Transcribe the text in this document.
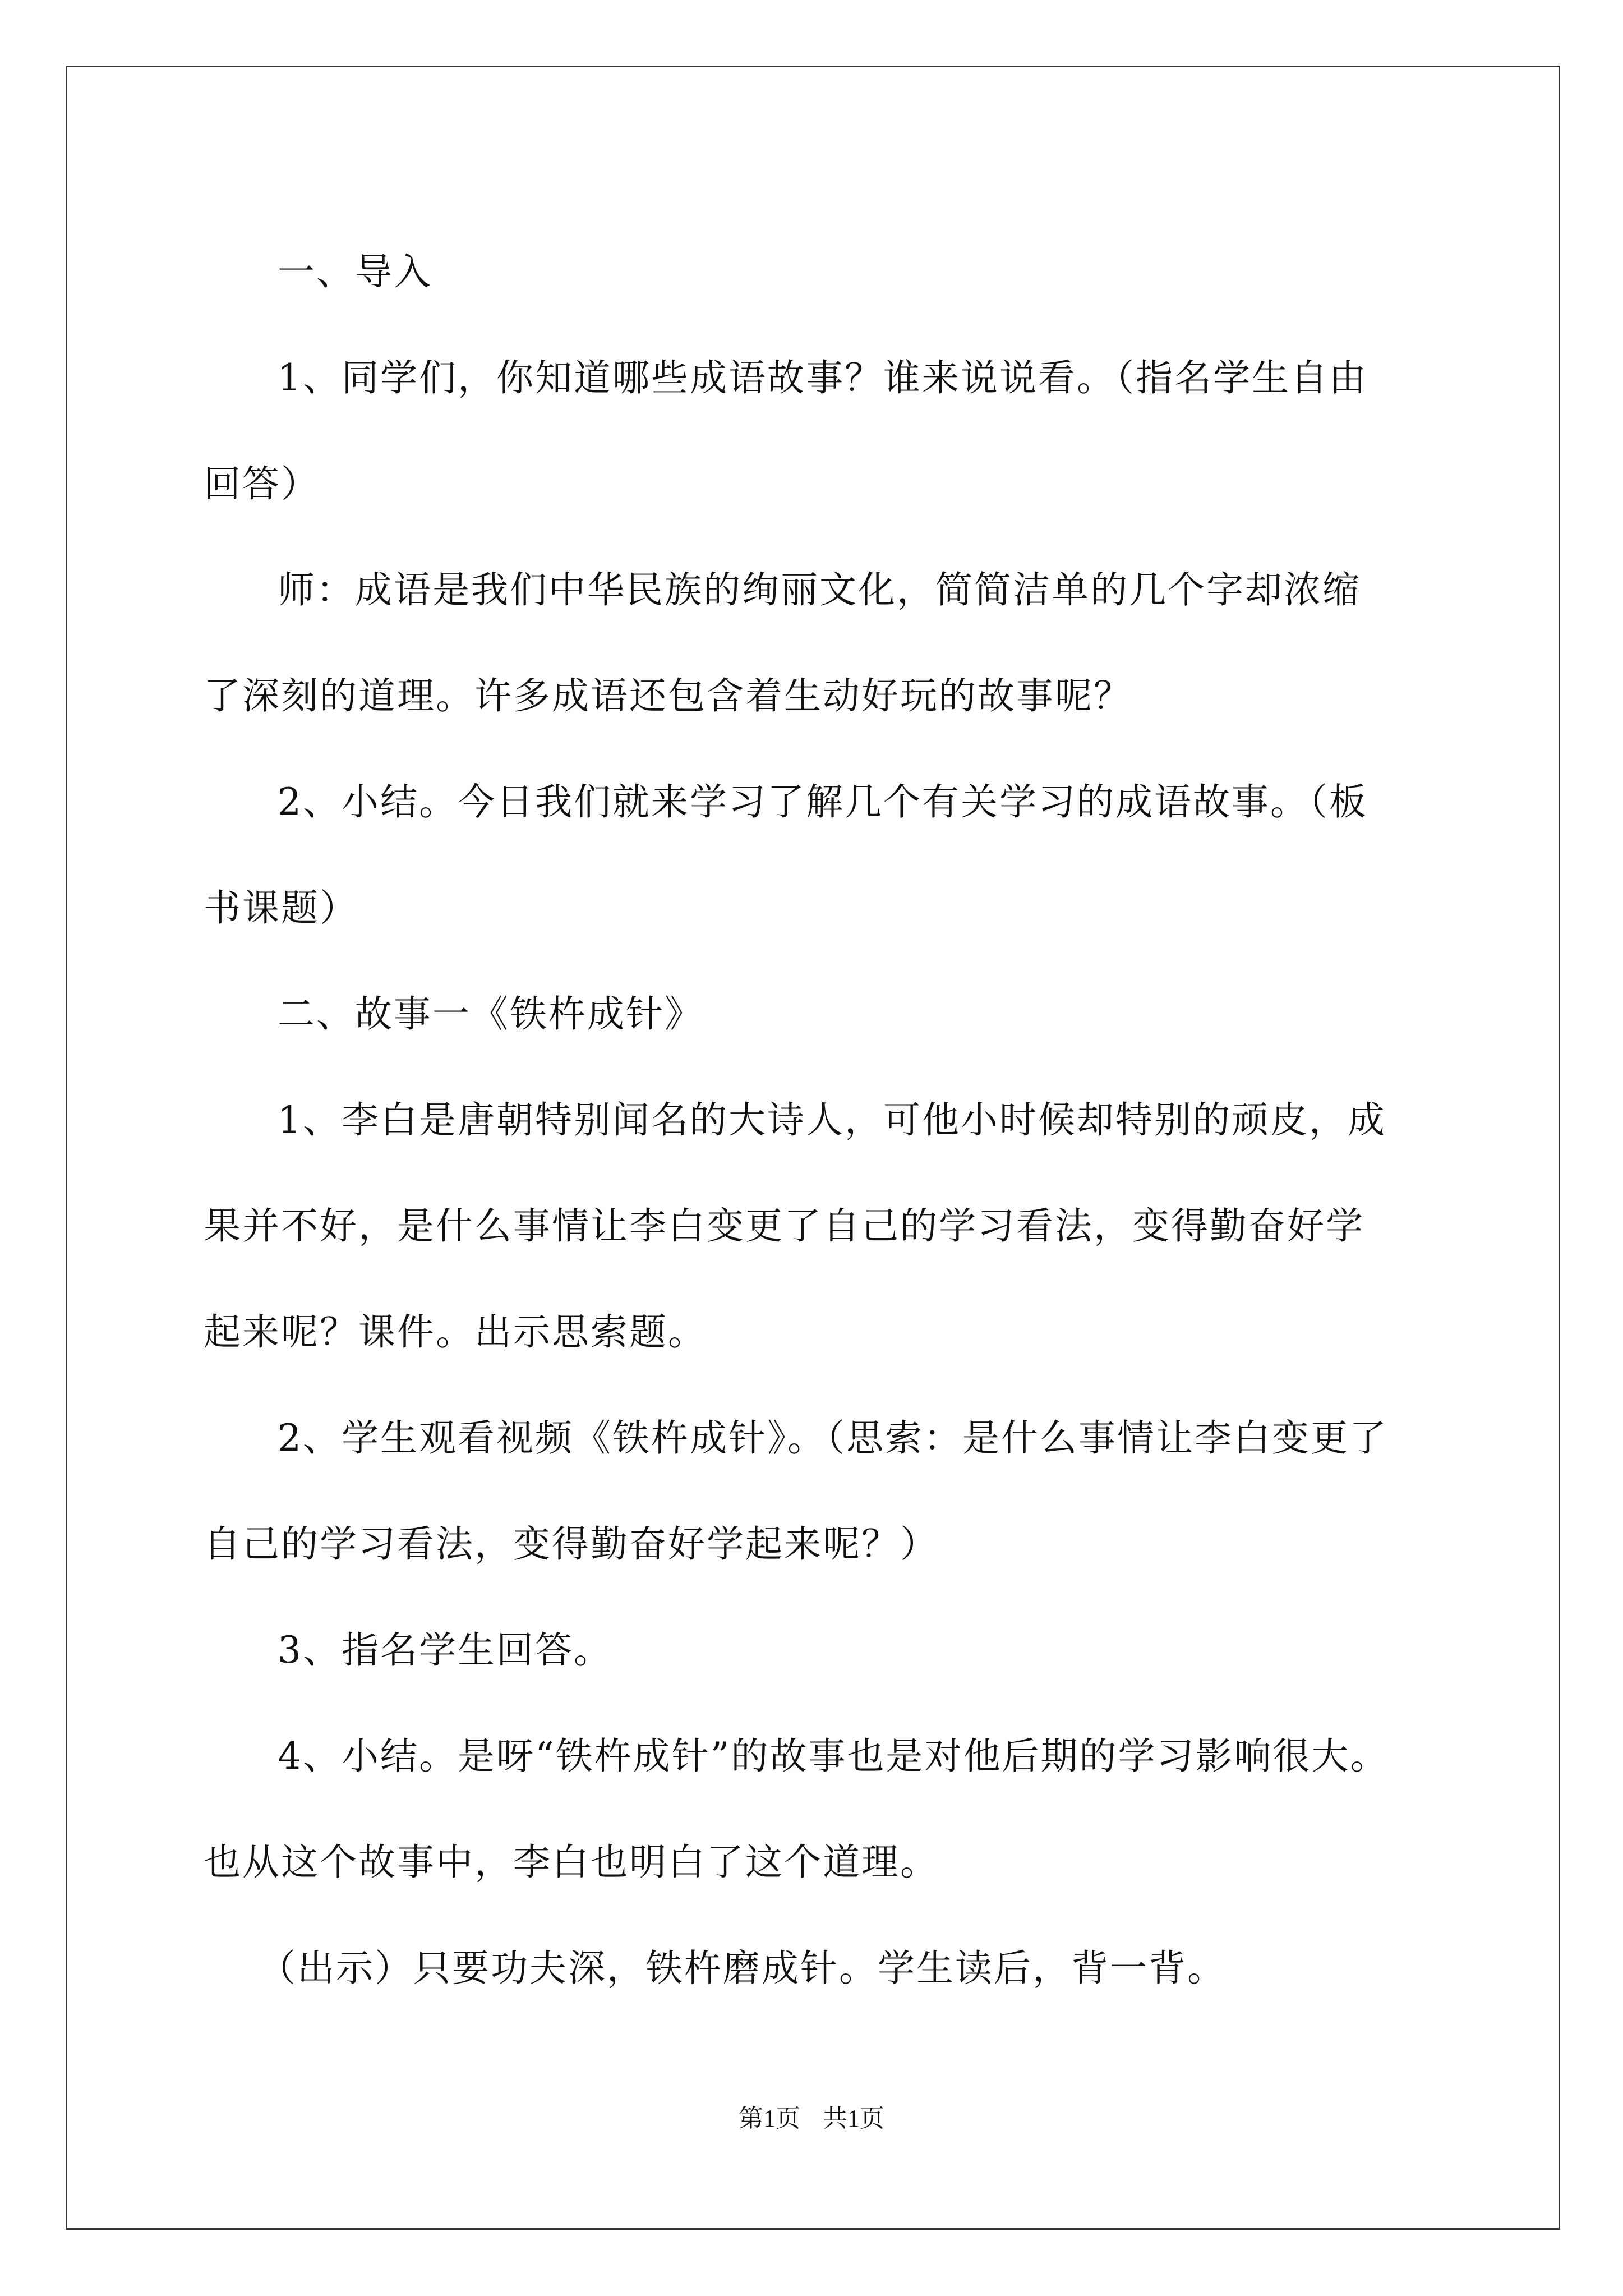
一、导入
1、同学们，你知道哪些成语故事？谁来说说看。（指名学生自由
回答）
师：成语是我们中华民族的绚丽文化，简简洁单的几个字却浓缩
了深刻的道理。许多成语还包含着生动好玩的故事呢？
2、小结。今日我们就来学习了解几个有关学习的成语故事。（板
书课题）
二、故事一《铁杵成针》
1、李白是唐朝特别闻名的大诗人，可他小时候却特别的顽皮，成
果并不好，是什么事情让李白变更了自己的学习看法，变得勤奋好学
起来呢？课件。出示思索题。
2、学生观看视频《铁杵成针》。（思索：是什么事情让李白变更了
自己的学习看法，变得勤奋好学起来呢？）
3、指名学生回答。
4、小结。是呀“铁杵成针”的故事也是对他后期的学习影响很大。
也从这个故事中，李白也明白了这个道理。
（出示）只要功夫深，铁杵磨成针。学生读后，背一背。
第1页 共1页
